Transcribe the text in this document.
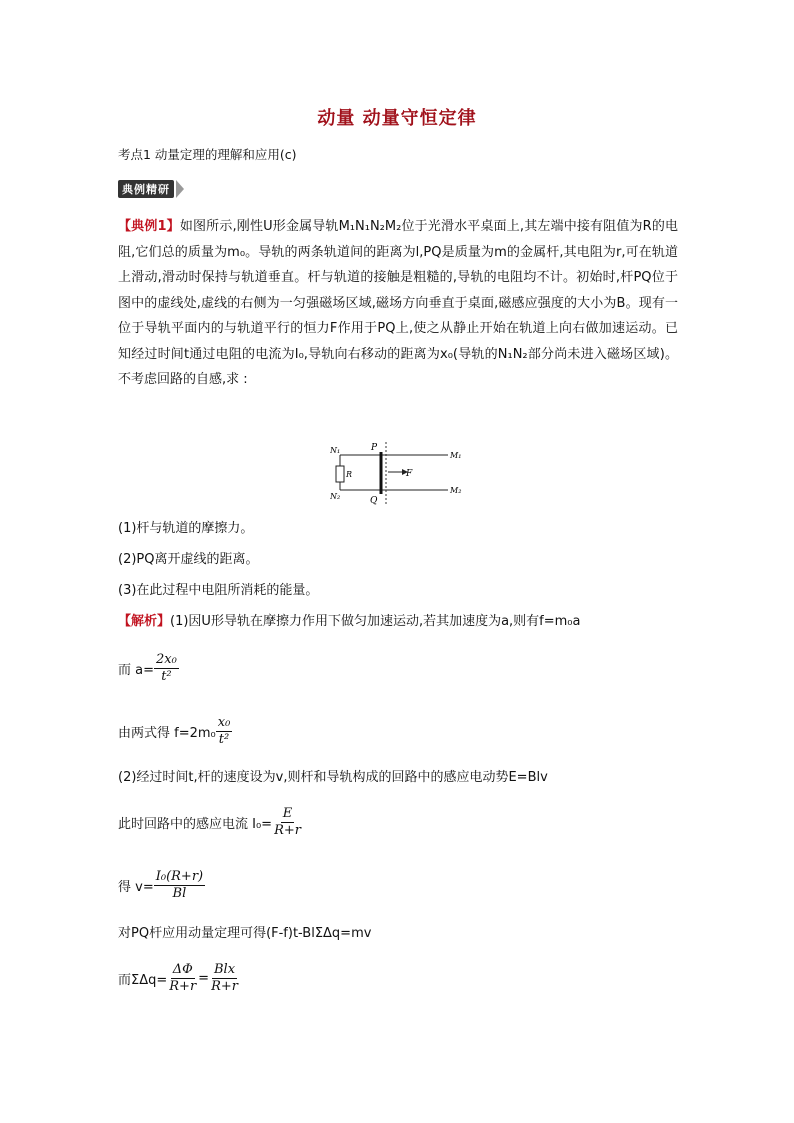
动量 动量守恒定律
考点1 动量定理的理解和应用(c)
典例精研
【典例1】如图所示,刚性U形金属导轨M₁N₁N₂M₂位于光滑水平桌面上,其左端中接有阻值为R的电阻,它们总的质量为m₀。导轨的两条轨道间的距离为l,PQ是质量为m的金属杆,其电阻为r,可在轨道上滑动,滑动时保持与轨道垂直。杆与轨道的接触是粗糙的,导轨的电阻均不计。初始时,杆PQ位于图中的虚线处,虚线的右侧为一匀强磁场区域,磁场方向垂直于桌面,磁感应强度的大小为B。现有一位于导轨平面内的与轨道平行的恒力F作用于PQ上,使之从静止开始在轨道上向右做加速运动。已知经过时间t通过电阻的电流为I₀,导轨向右移动的距离为x₀(导轨的N₁N₂部分尚未进入磁场区域)。不考虑回路的自感,求 :
N₁
N₂
M₁
M₂
P
Q
R	F
(1)杆与轨道的摩擦力。
(2)PQ离开虚线的距离。
(3)在此过程中电阻所消耗的能量。
【解析】(1)因U形导轨在摩擦力作用下做匀加速运动,若其加速度为a,则有f=m₀a
而 $a= \frac{\text{2x₀}}{\text{t²}}$
由两式得 $f=2m_0 \frac{\text{x₀}}{\text{t²}}$
(2)经过时间t,杆的速度设为v,则杆和导轨构成的回路中的感应电动势E=Blv
此时回路中的感应电流 $I_0= \frac{E}{R+r}$
得 $v= \frac{\text{I₀(R+r)}}{Bl}$
对PQ杆应用动量定理可得(F-f)t-BlΣΔq=mv
而$\Sigma\Delta q= \frac{\Delta\Phi}{R+r} = \frac{\text{Blx}}{R+r}$
